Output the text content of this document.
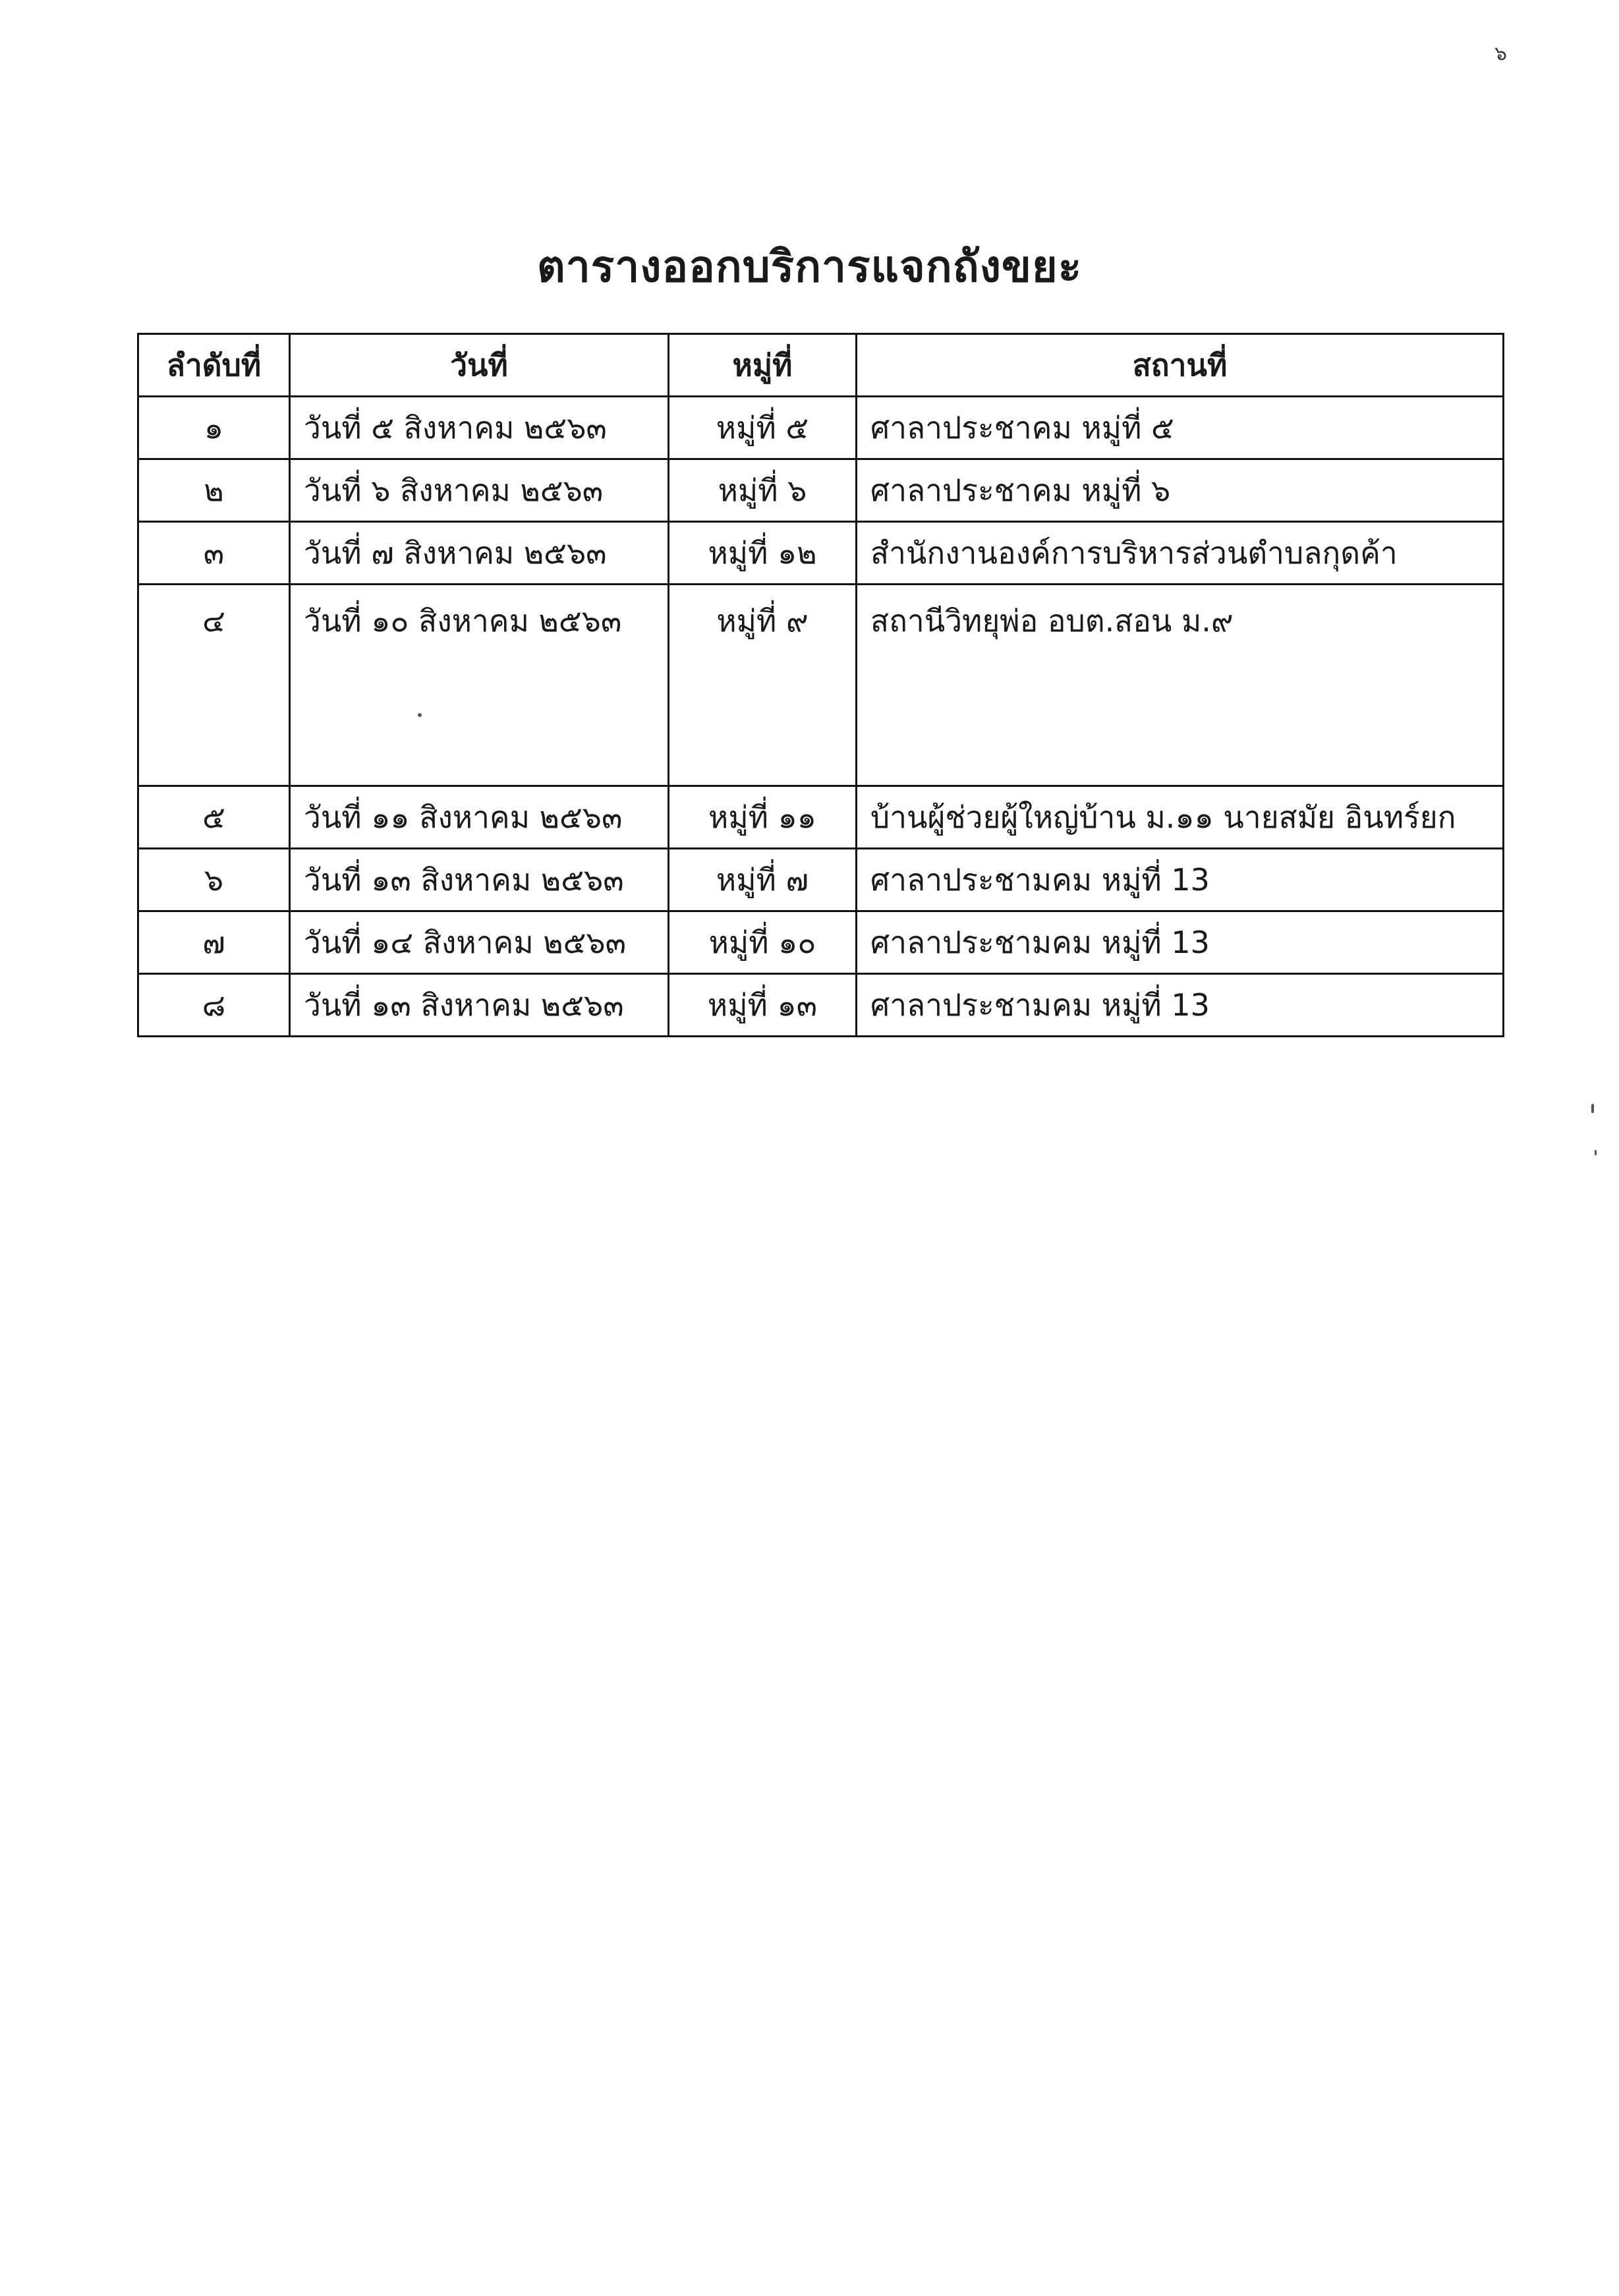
๖
ตารางออกบริการแจกถังขยะ
ลำดับที่	วันที่	หมู่ที่	สถานที่
๑	วันที่ ๕ สิงหาคม ๒๕๖๓	หมู่ที่ ๕	ศาลาประชาคม หมู่ที่ ๕
๒	วันที่ ๖ สิงหาคม ๒๕๖๓	หมู่ที่ ๖	ศาลาประชาคม หมู่ที่ ๖
๓	วันที่ ๗ สิงหาคม ๒๕๖๓	หมู่ที่ ๑๒	สำนักงานองค์การบริหารส่วนตำบลกุดค้า
๔	วันที่ ๑๐ สิงหาคม ๒๕๖๓	หมู่ที่ ๙	สถานีวิทยุพ่อ อบต.สอน ม.๙
๕	วันที่ ๑๑ สิงหาคม ๒๕๖๓	หมู่ที่ ๑๑	บ้านผู้ช่วยผู้ใหญ่บ้าน ม.๑๑ นายสมัย อินทร์ยก
๖	วันที่ ๑๓ สิงหาคม ๒๕๖๓	หมู่ที่ ๗	ศาลาประชามคม หมู่ที่ 13
๗	วันที่ ๑๔ สิงหาคม ๒๕๖๓	หมู่ที่ ๑๐	ศาลาประชามคม หมู่ที่ 13
๘	วันที่ ๑๓ สิงหาคม ๒๕๖๓	หมู่ที่ ๑๓	ศาลาประชามคม หมู่ที่ 13
